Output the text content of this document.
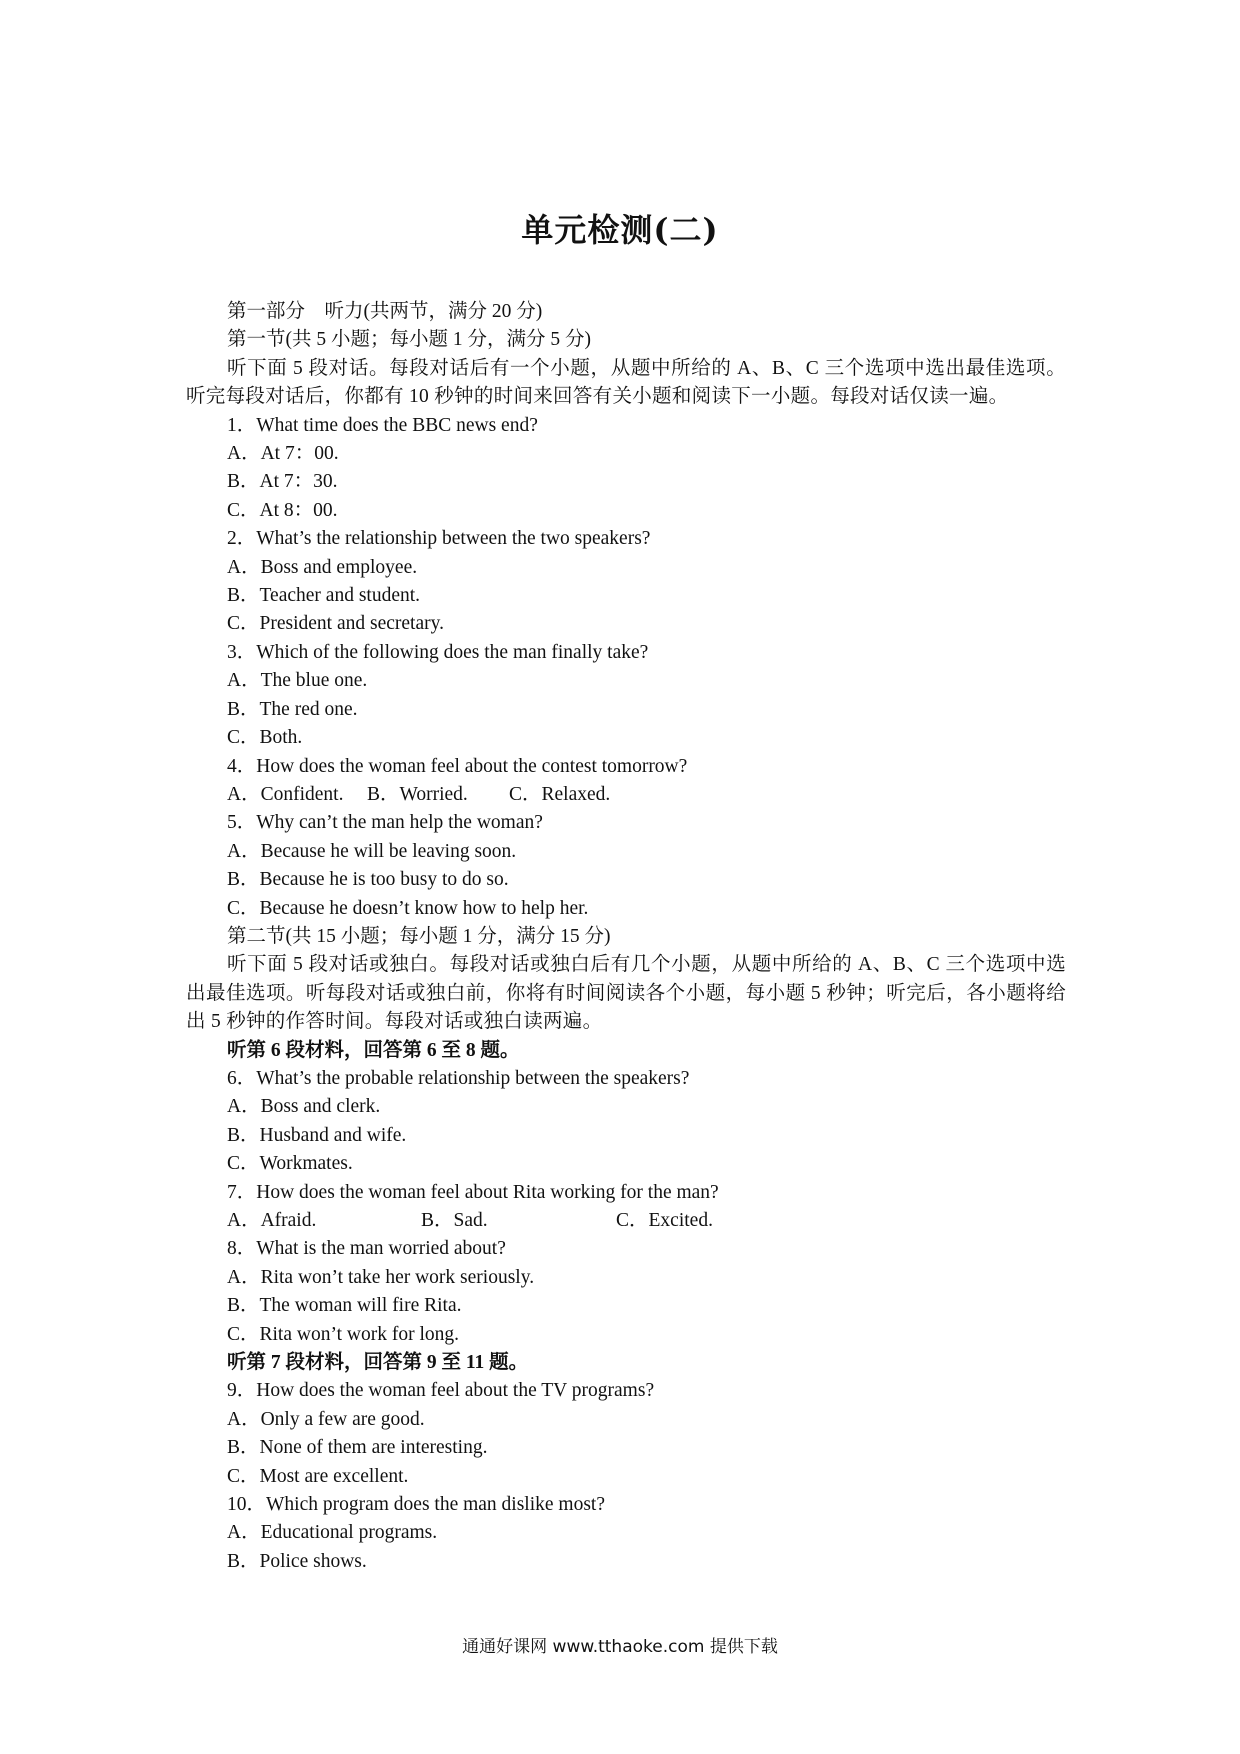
单元检测(二)

第一部分　听力(共两节，满分 20 分)

第一节(共 5 小题；每小题 1 分，满分 5 分)

听下面 5 段对话。每段对话后有一个小题，从题中所给的 A、B、C 三个选项中选出最佳选项。听完每段对话后，你都有 10 秒钟的时间来回答有关小题和阅读下一小题。每段对话仅读一遍。

1．What time does the BBC news end?

A．At 7：00.

B．At 7：30.

C．At 8：00.

2．What’s the relationship between the two speakers?

A．Boss and employee.

B．Teacher and student.

C．President and secretary.

3．Which of the following does the man finally take?

A．The blue one.

B．The red one.

C．Both.

4．How does the woman feel about the contest tomorrow?

A．Confident.	B．Worried.	C．Relaxed.

5．Why can’t the man help the woman?

A．Because he will be leaving soon.

B．Because he is too busy to do so.

C．Because he doesn’t know how to help her.

第二节(共 15 小题；每小题 1 分，满分 15 分)

听下面 5 段对话或独白。每段对话或独白后有几个小题，从题中所给的 A、B、C 三个选项中选出最佳选项。听每段对话或独白前，你将有时间阅读各个小题，每小题 5 秒钟；听完后，各小题将给出 5 秒钟的作答时间。每段对话或独白读两遍。

听第 6 段材料，回答第 6 至 8 题。

6．What’s the probable relationship between the speakers?

A．Boss and clerk.

B．Husband and wife.

C．Workmates.

7．How does the woman feel about Rita working for the man?

A．Afraid.	B．Sad.	C．Excited.

8．What is the man worried about?

A．Rita won’t take her work seriously.

B．The woman will fire Rita.

C．Rita won’t work for long.

听第 7 段材料，回答第 9 至 11 题。

9．How does the woman feel about the TV programs?

A．Only a few are good.

B．None of them are interesting.

C．Most are excellent.

10．Which program does the man dislike most?

A．Educational programs.

B．Police shows.

通通好课网 www.tthaoke.com 提供下载
